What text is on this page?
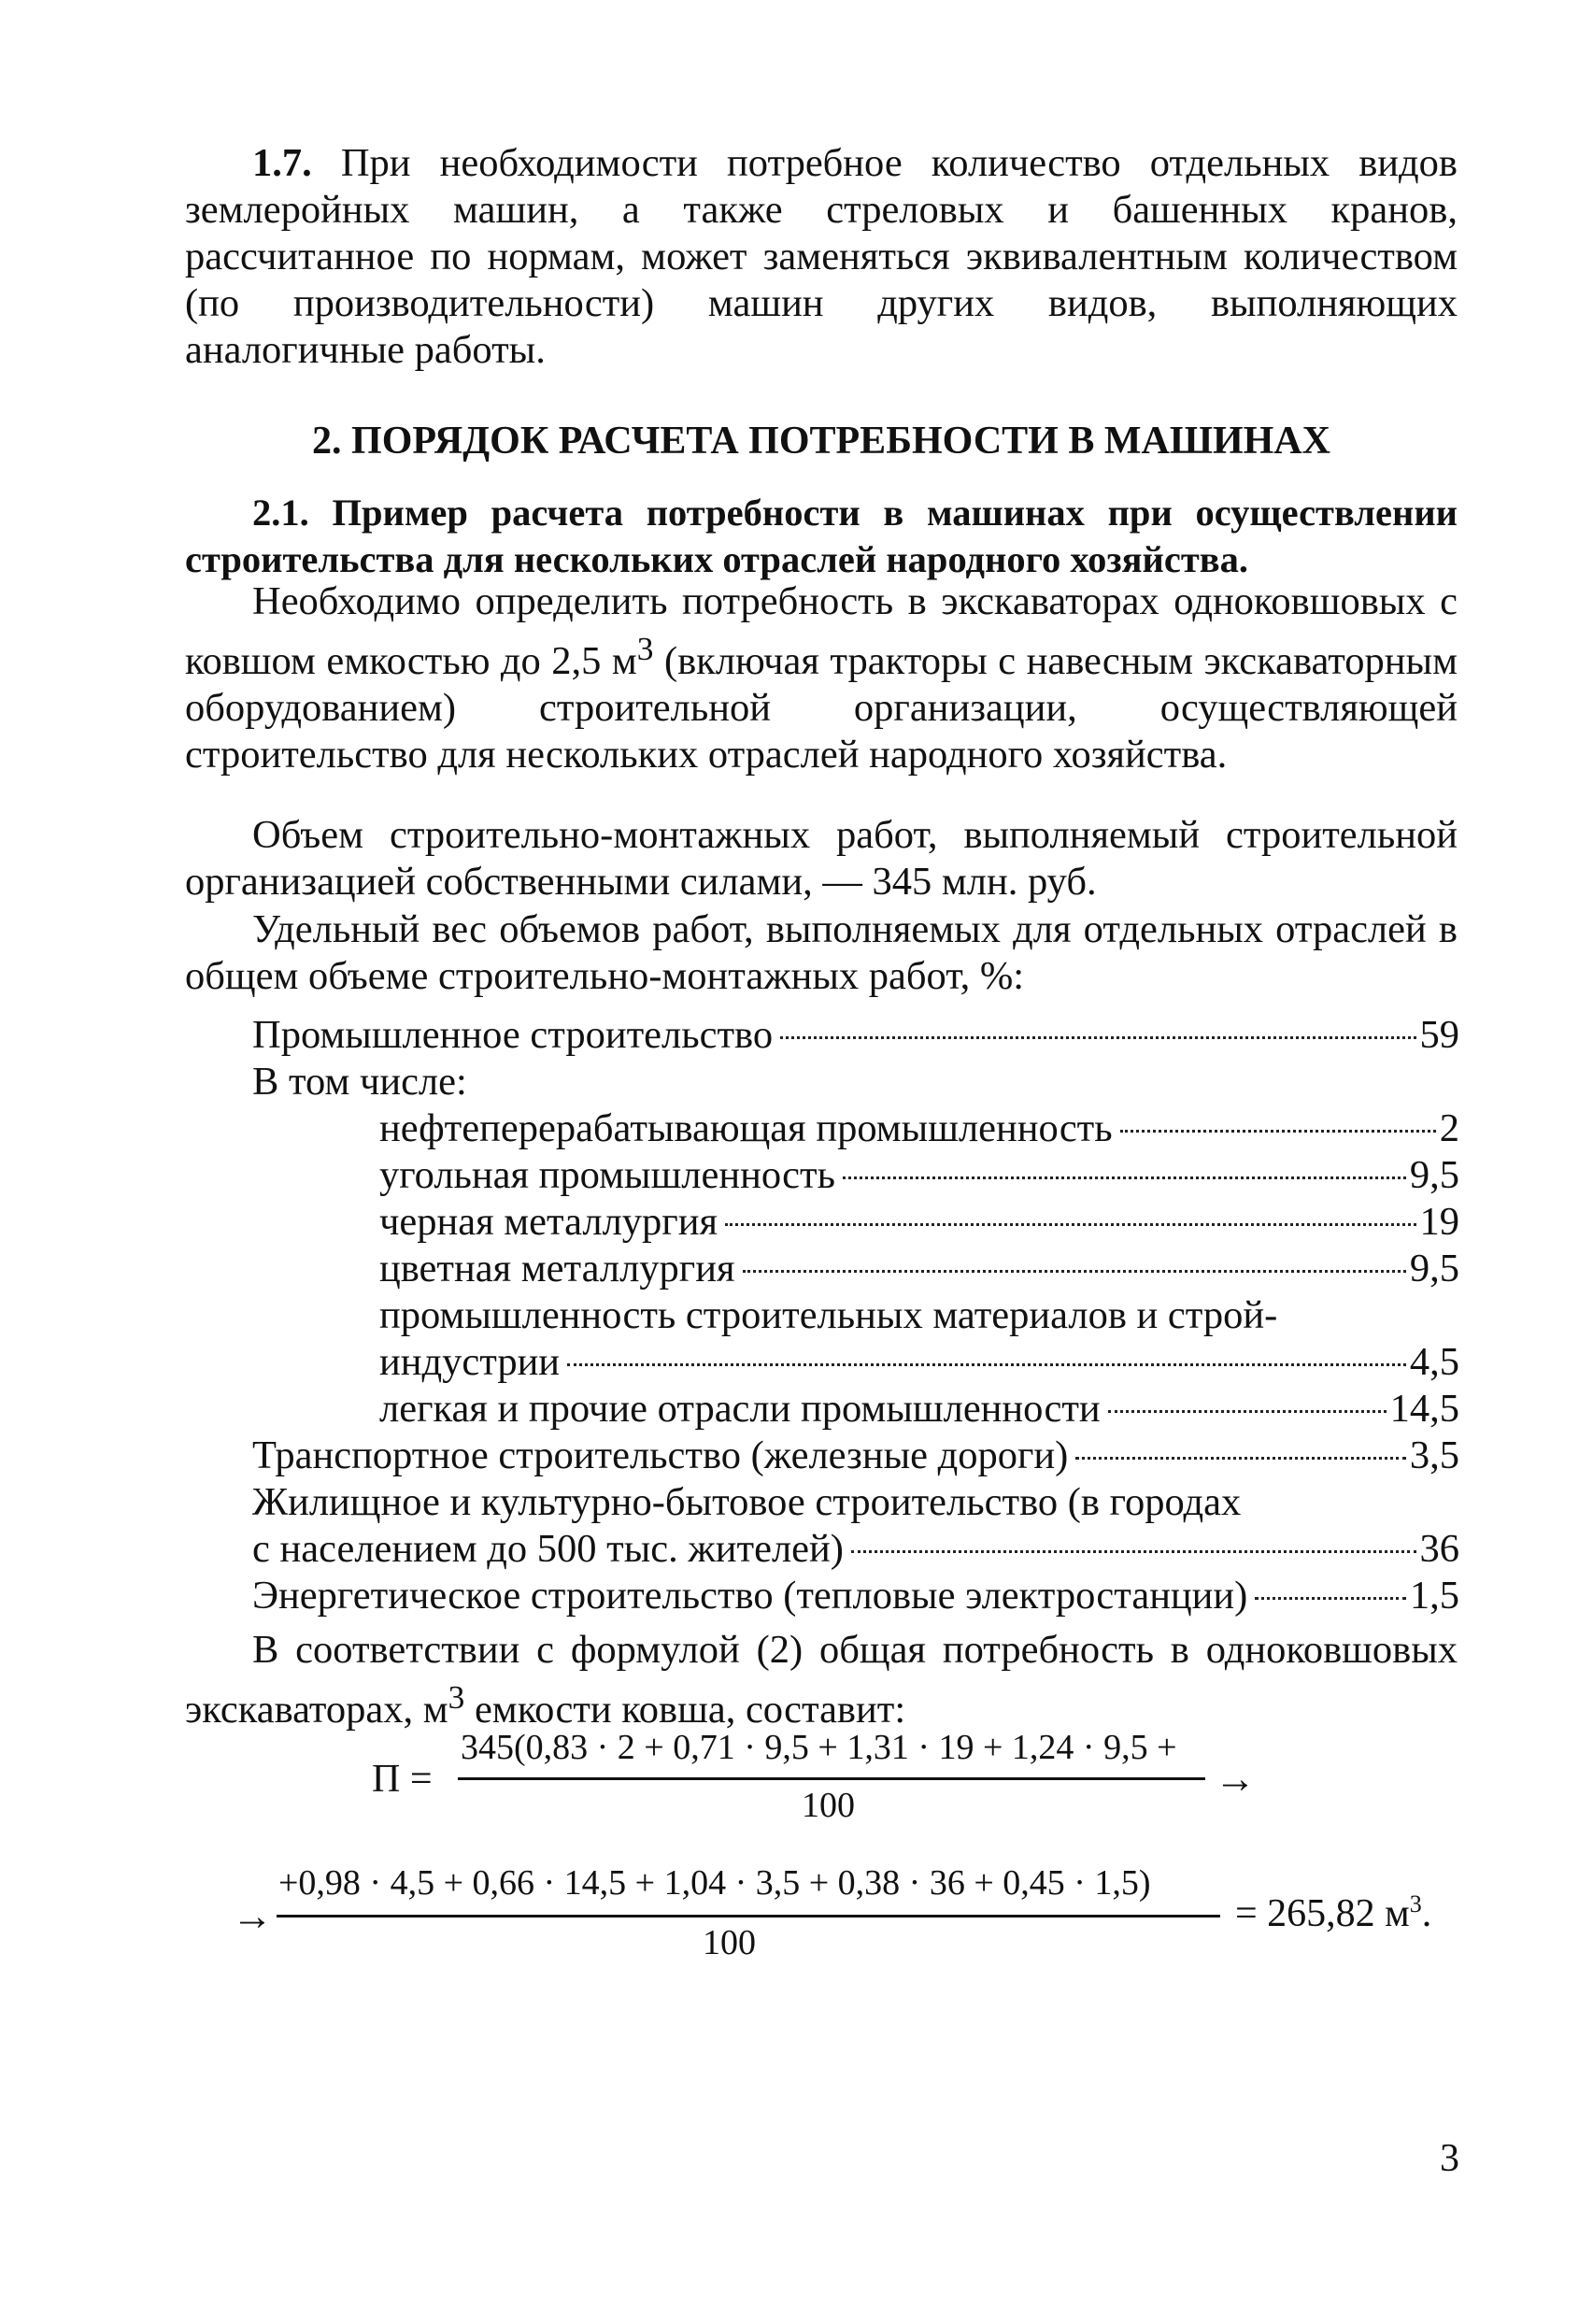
1.7. При необходимости потребное количество отдельных видов землеройных машин, а также стреловых и башенных кранов, рассчитанное по нормам, может заменяться эквивалентным количеством (по производительности) машин других видов, выполняющих аналогичные работы.
2. ПОРЯДОК РАСЧЕТА ПОТРЕБНОСТИ В МАШИНАХ
2.1. Пример расчета потребности в машинах при осуществлении строительства для нескольких отраслей народного хозяйства.
Необходимо определить потребность в экскаваторах одноковшовых с ковшом емкостью до 2,5 $м^3$ (включая тракторы с навесным экскаваторным оборудованием) строительной организации, осуществляющей строительство для нескольких отраслей народного хозяйства.
Объем строительно-монтажных работ, выполняемый строительной организацией собственными силами, — 345 млн. руб.
Удельный вес объемов работ, выполняемых для отдельных отраслей в общем объеме строительно-монтажных работ, %:
Промышленное строительство	59
В том числе:
нефтеперерабатывающая промышленность	2
угольная промышленность	9,5
черная металлургия	19
цветная металлургия	9,5
промышленность строительных материалов и строй-
индустрии	4,5
легкая и прочие отрасли промышленности	14,5
Транспортное строительство (железные дороги)	3,5
Жилищное и культурно-бытовое строительство (в городах
с населением до 500 тыс. жителей)	36
Энергетическое строительство (тепловые электростанции)	1,5
В соответствии с формулой (2) общая потребность в одноковшовых экскаваторах, $м^3$ емкости ковша, составит:
П =
345(0,83 · 2 + 0,71 · 9,5 + 1,31 · 19 + 1,24 · 9,5 +
100
→
→
+0,98 · 4,5 + 0,66 · 14,5 + 1,04 · 3,5 + 0,38 · 36 + 0,45 · 1,5)
100
= 265,82 $м^3$.
3
